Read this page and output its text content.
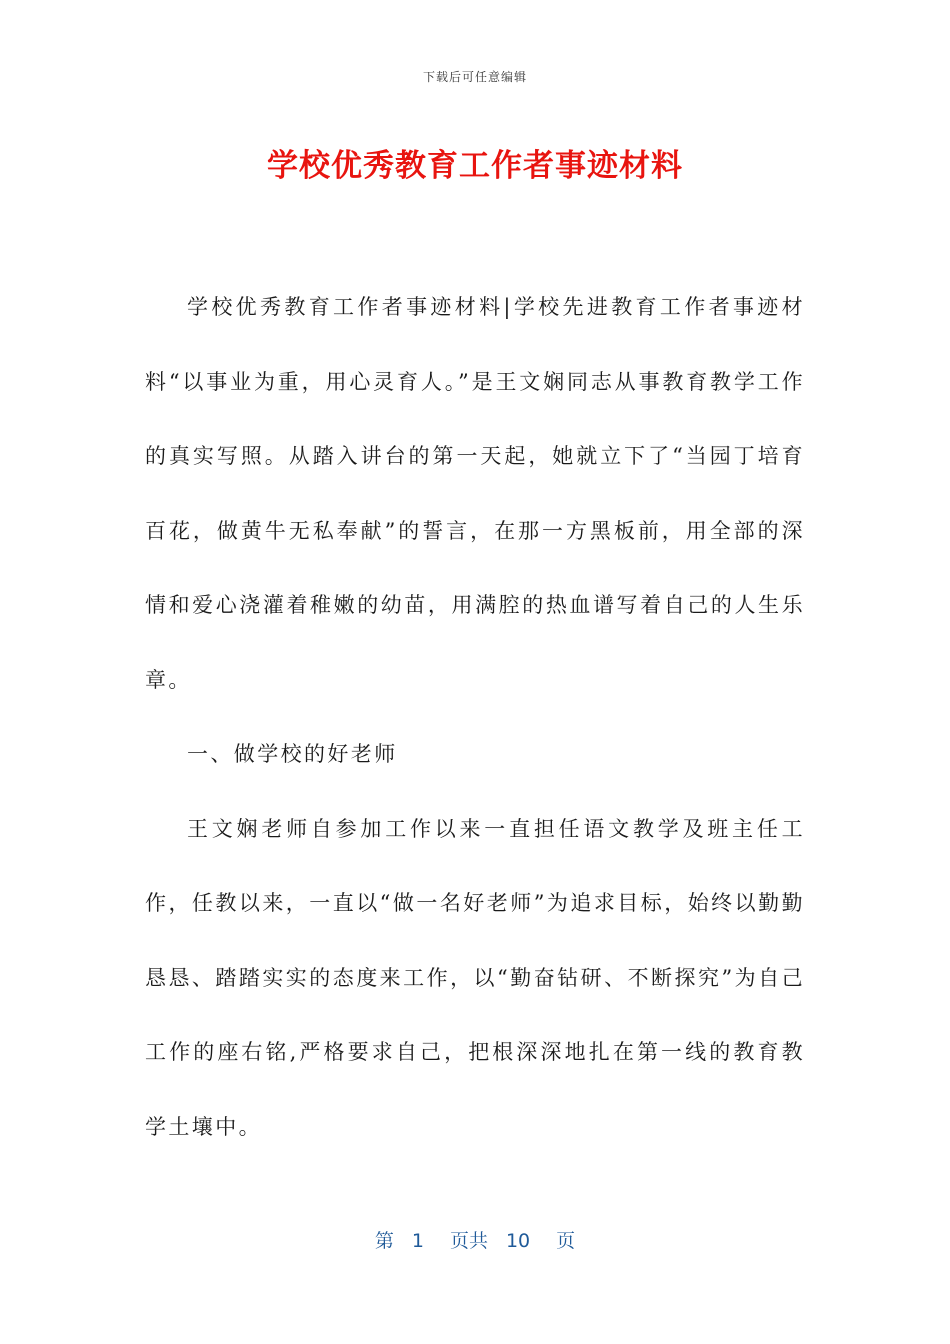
下载后可任意编辑
学校优秀教育工作者事迹材料

学校优秀教育工作者事迹材料|学校先进教育工作者事迹材料“以事业为重，用心灵育人。”是王文娴同志从事教育教学工作的真实写照。从踏入讲台的第一天起，她就立下了“当园丁培育百花，做黄牛无私奉献”的誓言，在那一方黑板前，用全部的深情和爱心浇灌着稚嫩的幼苗，用满腔的热血谱写着自己的人生乐章。

一、做学校的好老师

王文娴老师自参加工作以来一直担任语文教学及班主任工作，任教以来，一直以“做一名好老师”为追求目标，始终以勤勤恳恳、踏踏实实的态度来工作，以“勤奋钻研、不断探究”为自己工作的座右铭,严格要求自己，把根深深地扎在第一线的教育教学土壤中。

第 1 页共 10 页
